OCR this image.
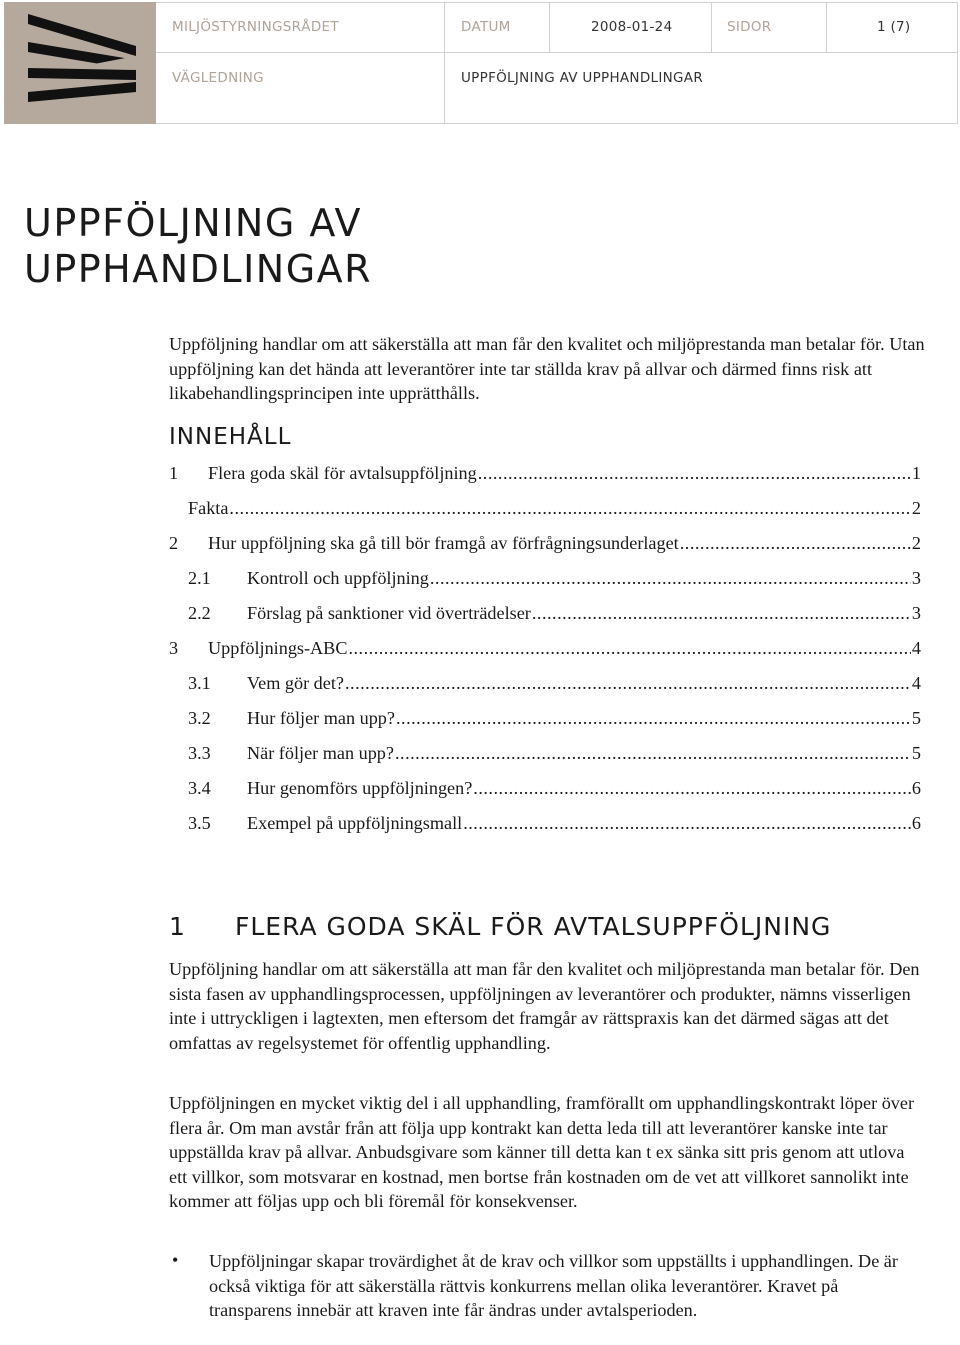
MILJÖSTYRNINGSRÅDET	DATUM	2008-01-24	SIDOR	1 (7)
VÄGLEDNING	UPPFÖLJNING AV UPPHANDLINGAR
UPPFÖLJNING AV
UPPHANDLINGAR

Uppföljning handlar om att säkerställa att man får den kvalitet och miljöprestanda man betalar för. Utan uppföljning kan det hända att leverantörer inte tar ställda krav på allvar och därmed finns risk att likabehandlingsprincipen inte upprätthålls.

INNEHÅLL
1	Flera goda skäl för avtalsuppföljning .....	1
Fakta .....	2
2	Hur uppföljning ska gå till bör framgå av förfrågningsunderlaget .....	2
2.1	Kontroll och uppföljning .....	3
2.2	Förslag på sanktioner vid överträdelser .....	3
3	Uppföljnings-ABC .....	4
3.1	Vem gör det? .....	4
3.2	Hur följer man upp? .....	5
3.3	När följer man upp? .....	5
3.4	Hur genomförs uppföljningen? .....	6
3.5	Exempel på uppföljningsmall .....	6
1 FLERA GODA SKÄL FÖR AVTALSUPPFÖLJNING

Uppföljning handlar om att säkerställa att man får den kvalitet och miljöprestanda man betalar för. Den sista fasen av upphandlingsprocessen, uppföljningen av leverantörer och produkter, nämns visserligen inte i uttryckligen i lagtexten, men eftersom det framgår av rättspraxis kan det därmed sägas att det omfattas av regelsystemet för offentlig upphandling.

Uppföljningen en mycket viktig del i all upphandling, framförallt om upphandlingskontrakt löper över flera år. Om man avstår från att följa upp kontrakt kan detta leda till att leverantörer kanske inte tar uppställda krav på allvar. Anbudsgivare som känner till detta kan t ex sänka sitt pris genom att utlova ett villkor, som motsvarar en kostnad, men bortse från kostnaden om de vet att villkoret sannolikt inte kommer att följas upp och bli föremål för konsekvenser.

• Uppföljningar skapar trovärdighet åt de krav och villkor som uppställts i upphandlingen. De är också viktiga för att säkerställa rättvis konkurrens mellan olika leverantörer. Kravet på transparens innebär att kraven inte får ändras under avtalsperioden.
